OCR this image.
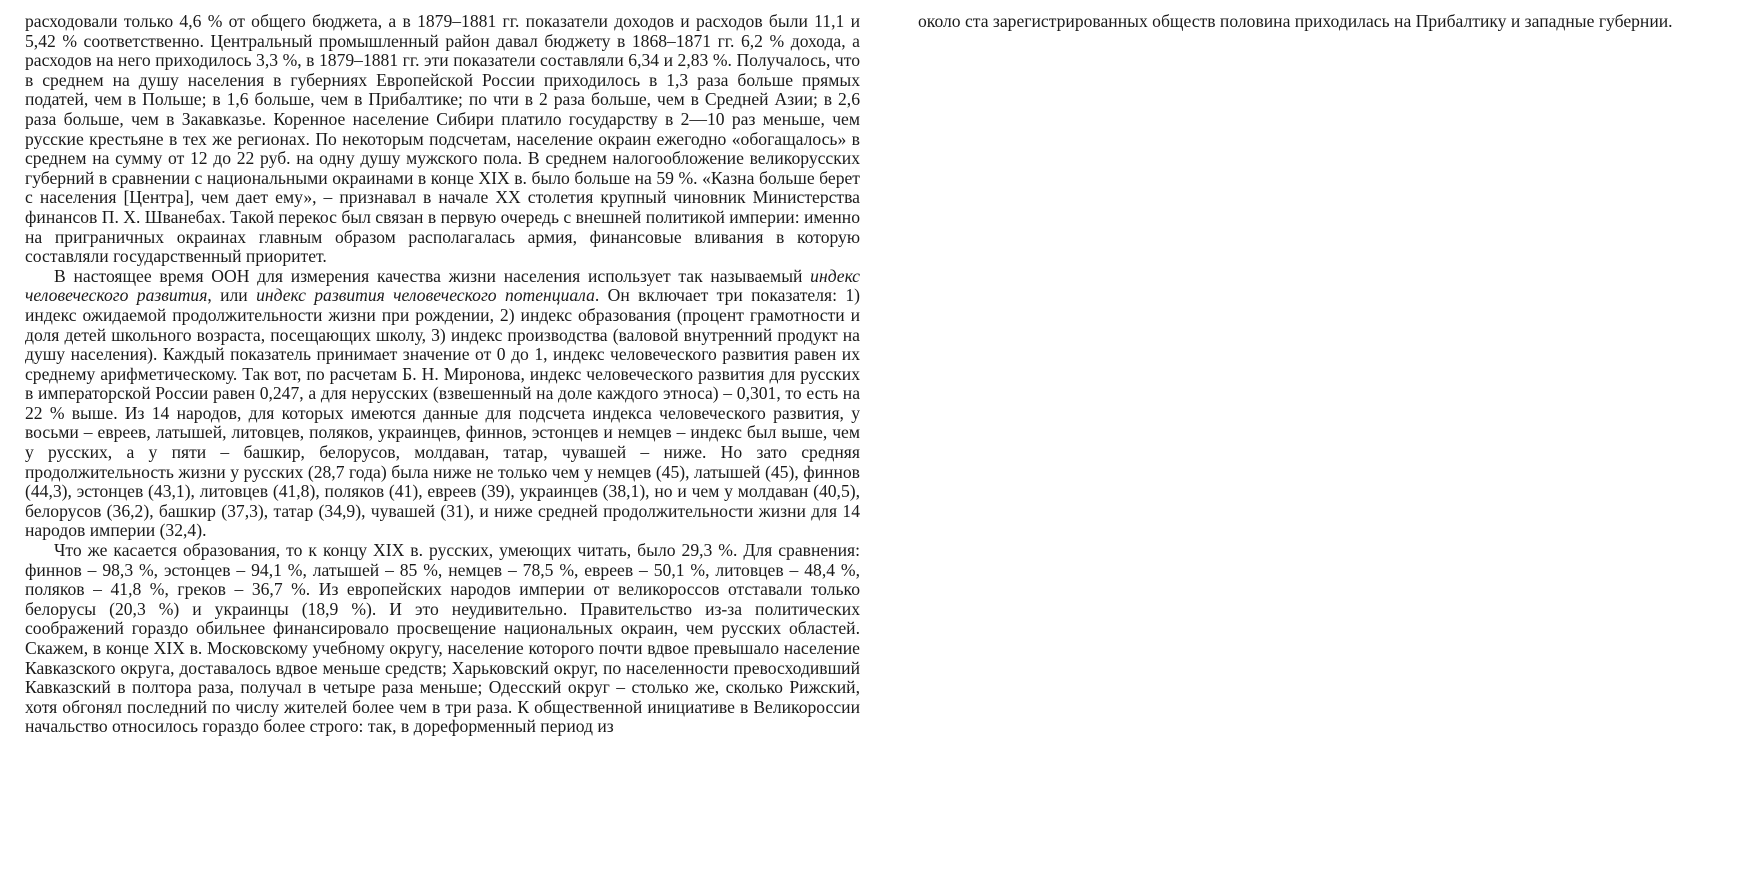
расходовали только 4,6 % от общего бюджета, а в 1879–1881 гг. показатели доходов и расходов были 11,1 и 5,42 % соответственно. Центральный промышленный район давал бюджету в 1868–1871 гг. 6,2 % дохода, а расходов на него приходилось 3,3 %, в 1879–1881 гг. эти показатели составляли 6,34 и 2,83 %. Получалось, что в среднем на душу населения в губерниях Европейской России приходилось в 1,3 раза больше прямых податей, чем в Польше; в 1,6 больше, чем в Прибалтике; по чти в 2 раза больше, чем в Средней Азии; в 2,6 раза больше, чем в Закавказье. Коренное население Сибири платило государству в 2—10 раз меньше, чем русские крестьяне в тех же регионах. По некоторым подсчетам, население окраин ежегодно «обогащалось» в среднем на сумму от 12 до 22 руб. на одну душу мужского пола. В среднем налогообложение великорусских губерний в сравнении с национальными окраинами в конце XIX в. было больше на 59 %. «Казна больше берет с населения [Центра], чем дает ему», – признавал в начале XX столетия крупный чиновник Министерства финансов П. Х. Шванебах. Такой перекос был связан в первую очередь с внешней политикой империи: именно на приграничных окраинах главным образом располагалась армия, финансовые вливания в которую составляли государственный приоритет.

В настоящее время ООН для измерения качества жизни населения использует так называемый индекс человеческого развития, или индекс развития человеческого потенциала. Он включает три показателя: 1) индекс ожидаемой продолжительности жизни при рождении, 2) индекс образования (процент грамотности и доля детей школьного возраста, посещающих школу, 3) индекс производства (валовой внутренний продукт на душу населения). Каждый показатель принимает значение от 0 до 1, индекс человеческого развития равен их среднему арифметическому. Так вот, по расчетам Б. Н. Миронова, индекс человеческого развития для русских в императорской России равен 0,247, а для нерусских (взвешенный на доле каждого этноса) – 0,301, то есть на 22 % выше. Из 14 народов, для которых имеются данные для подсчета индекса человеческого развития, у восьми – евреев, латышей, литовцев, поляков, украинцев, финнов, эстонцев и немцев – индекс был выше, чем у русских, а у пяти – башкир, белорусов, молдаван, татар, чувашей – ниже. Но зато средняя продолжительность жизни у русских (28,7 года) была ниже не только чем у немцев (45), латышей (45), финнов (44,3), эстонцев (43,1), литовцев (41,8), поляков (41), евреев (39), украинцев (38,1), но и чем у молдаван (40,5), белорусов (36,2), башкир (37,3), татар (34,9), чувашей (31), и ниже средней продолжительности жизни для 14 народов империи (32,4).

Что же касается образования, то к концу XIX в. русских, умеющих читать, было 29,3 %. Для сравнения: финнов – 98,3 %, эстонцев – 94,1 %, латышей – 85 %, немцев – 78,5 %, евреев – 50,1 %, литовцев – 48,4 %, поляков – 41,8 %, греков – 36,7 %. Из европейских народов империи от великороссов отставали только белорусы (20,3 %) и украинцы (18,9 %). И это неудивительно. Правительство из-за политических соображений гораздо обильнее финансировало просвещение национальных окраин, чем русских областей. Скажем, в конце XIX в. Московскому учебному округу, население которого почти вдвое превышало население Кавказского округа, доставалось вдвое меньше средств; Харьковский округ, по населенности превосходивший Кавказский в полтора раза, получал в четыре раза меньше; Одесский округ – столько же, сколько Рижский, хотя обгонял последний по числу жителей более чем в три раза. К общественной инициативе в Великороссии начальство относилось гораздо более строго: так, в дореформенный период из

около ста зарегистрированных обществ половина приходилась на Прибалтику и западные губернии.
